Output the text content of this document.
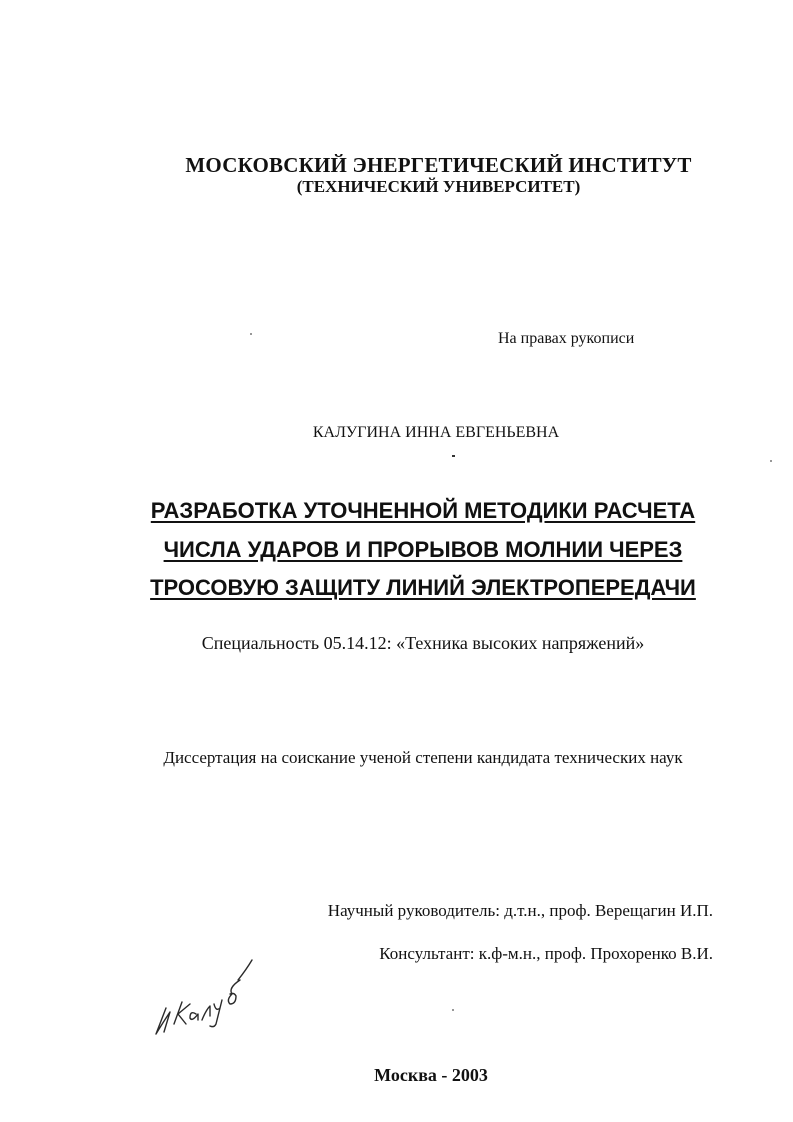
МОСКОВСКИЙ ЭНЕРГЕТИЧЕСКИЙ ИНСТИТУТ

(ТЕХНИЧЕСКИЙ УНИВЕРСИТЕТ)

На правах рукописи

КАЛУГИНА ИННА ЕВГЕНЬЕВНА

РАЗРАБОТКА УТОЧНЕННОЙ МЕТОДИКИ РАСЧЕТА

ЧИСЛА УДАРОВ И ПРОРЫВОВ МОЛНИИ ЧЕРЕЗ

ТРОСОВУЮ ЗАЩИТУ ЛИНИЙ ЭЛЕКТРОПЕРЕДАЧИ

Специальность 05.14.12: «Техника высоких напряжений»

Диссертация на соискание ученой степени кандидата технических наук

Научный руководитель: д.т.н., проф. Верещагин И.П.

Консультант: к.ф-м.н., проф. Прохоренко В.И.

Москва - 2003
